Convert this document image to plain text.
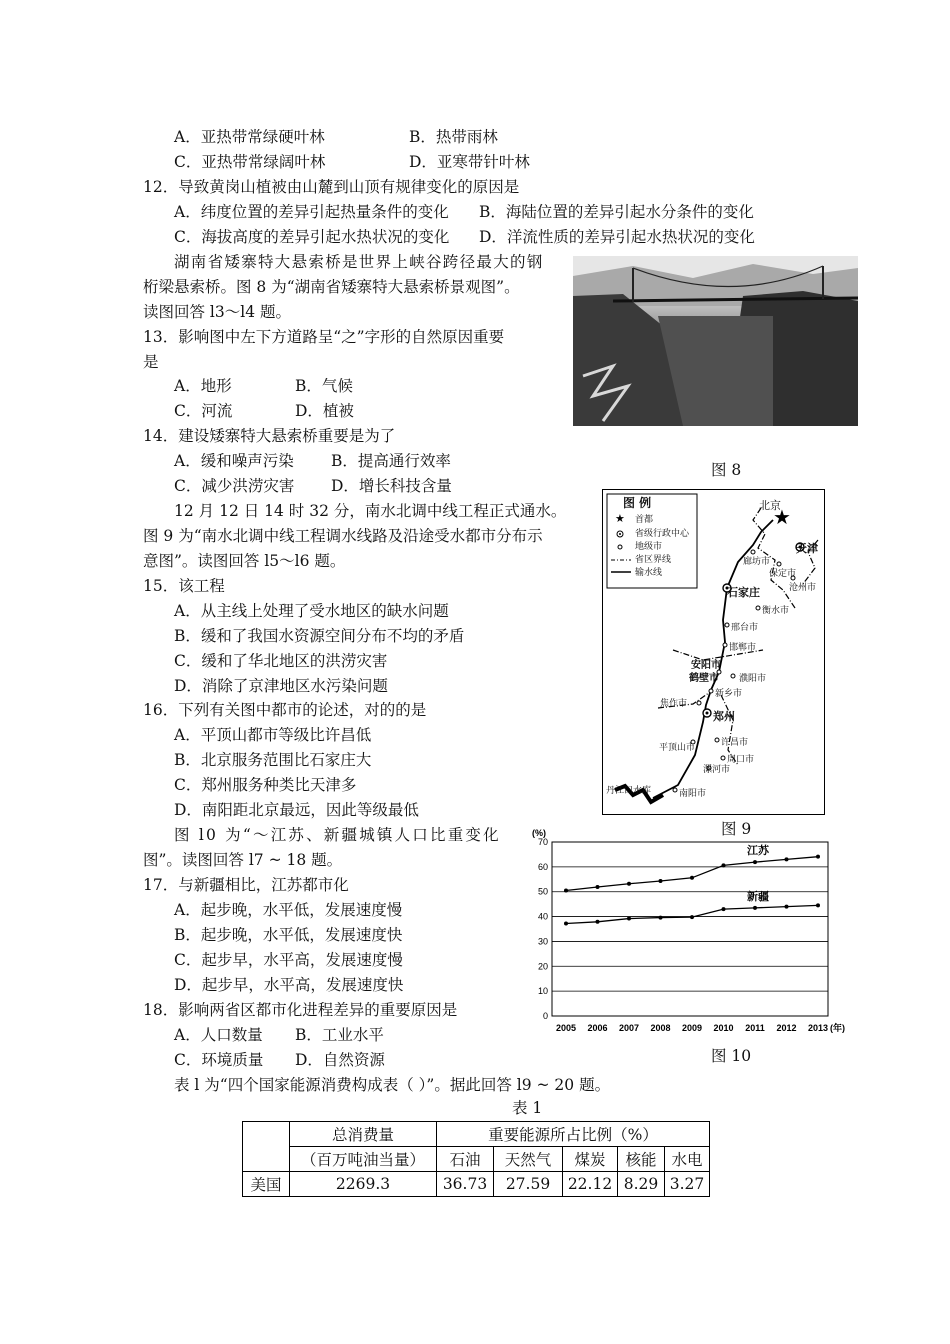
A．亚热带常绿硬叶林	B．热带雨林
C．亚热带常绿阔叶林	D．亚寒带针叶林
12．导致黄岗山植被由山麓到山顶有规律变化的原因是
A．纬度位置的差异引起热量条件的变化 B．海陆位置的差异引起水分条件的变化
C．海拔高度的差异引起水热状况的变化 D．洋流性质的差异引起水热状况的变化
湖南省矮寨特大悬索桥是世界上峡谷跨径最大的钢
桁梁悬索桥。图 8 为“湖南省矮寨特大悬索桥景观图”。
读图回答 l3～l4 题。
13．影响图中左下方道路呈“之”字形的自然原因重要
是
A．地形	B．气候
C．河流	D．植被
14．建设矮寨特大悬索桥重要是为了
A．缓和噪声污染 B．提高通行效率
C．减少洪涝灾害 D．增长科技含量
12 月 12 日 14 时 32 分，南水北调中线工程正式通水。
图 9 为“南水北调中线工程调水线路及沿途受水都市分布示
意图”。读图回答 l5～l6 题。
15．该工程
A．从主线上处理了受水地区的缺水问题
B．缓和了我国水资源空间分布不均的矛盾
C．缓和了华北地区的洪涝灾害
D．消除了京津地区水污染问题
16．下列有关图中都市的论述，对的的是
A．平顶山都市等级比许昌低
B．北京服务范围比石家庄大
C．郑州服务种类比天津多
D．南阳距北京最远，因此等级最低
图 l0 为“～江苏、新疆城镇人口比重变化
图”。读图回答 l7 ~ 18 题。
17．与新疆相比，江苏都市化
A．起步晚，水平低，发展速度慢
B．起步晚，水平低，发展速度快
C．起步早，水平高，发展速度慢
D．起步早，水平高，发展速度快
18．影响两省区都市化进程差异的重要原因是
A．人口数量 B．工业水平
C．环境质量 D．自然资源
表 l 为“四个国家能源消费构成表（ ）”。据此回答 l9 ~ 20 题。
图 8
★
★
图 例
首都
省级行政中心
地级市
省区界线
输水线
北京
廊坊市
天津
保定市
沧州市
石家庄
衡水市
邢台市
邯郸市
安阳市
鹤壁市 濮阳市
新乡市
焦作市
郑州
平顶山市	许昌市
周口市
漯河市
丹江口水库	南阳市
图 9
0
10
20
30
40
50
60
70
2005 2006 2007 2008 2009 2010 2011 2012 2013 (年)
(%)
江苏
新疆
图 10
表 1
	总消费量	重要能源所占比例（%）				
	（百万吨油当量）	石油	天然气	煤炭	核能	水电
美国	2269.3	36.73	27.59	22.12	8.29	3.27
